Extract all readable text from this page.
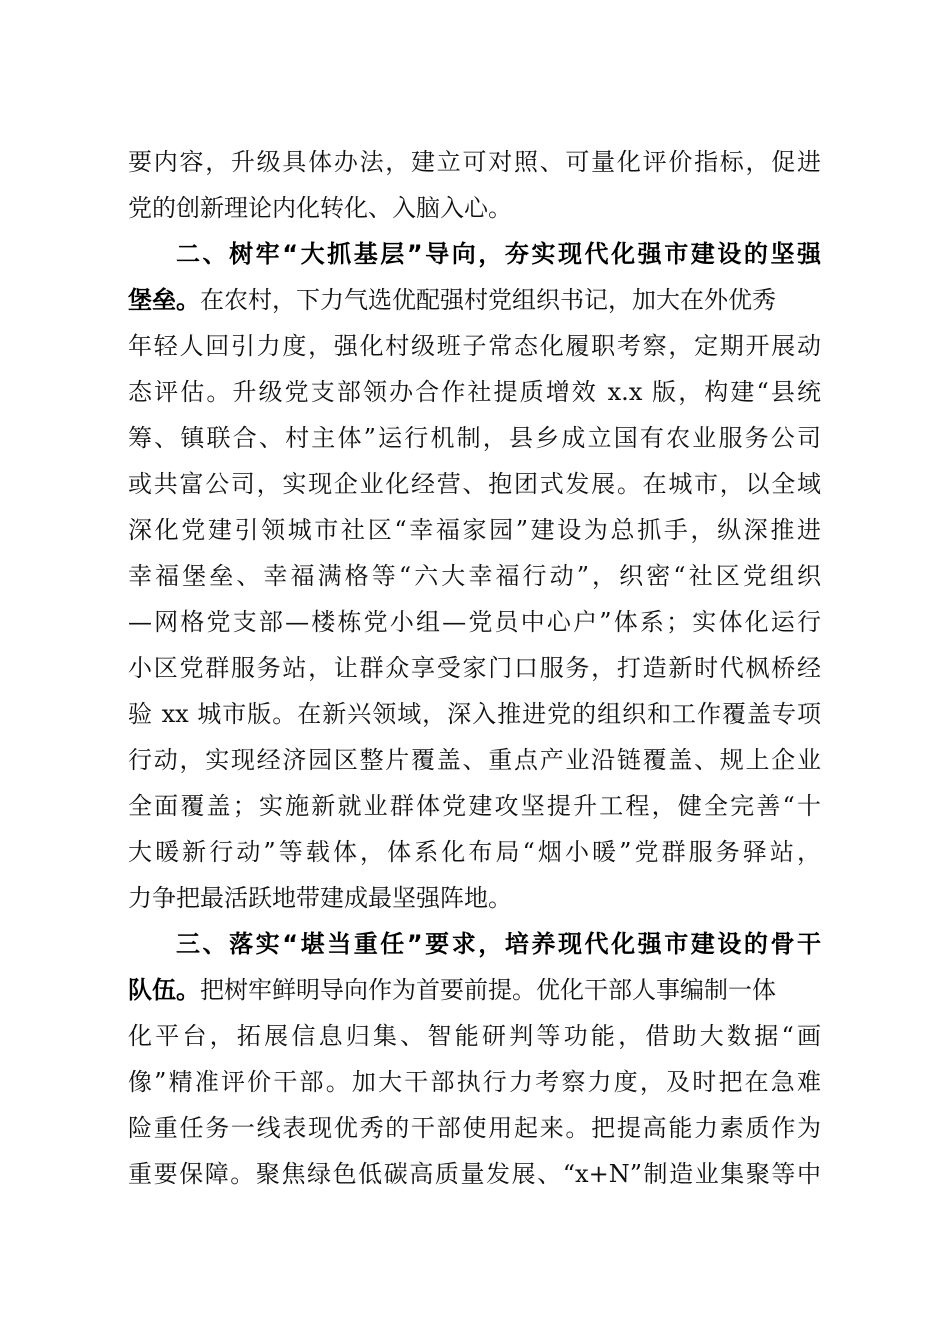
要内容，升级具体办法，建立可对照、可量化评价指标，促进

党的创新理论内化转化、入脑入心。

二、树牢“大抓基层”导向，夯实现代化强市建设的坚强

堡垒。在农村，下力气选优配强村党组织书记，加大在外优秀

年轻人回引力度，强化村级班子常态化履职考察，定期开展动

态评估。升级党支部领办合作社提质增效 x.x 版，构建“县统

筹、镇联合、村主体”运行机制，县乡成立国有农业服务公司

或共富公司，实现企业化经营、抱团式发展。在城市，以全域

深化党建引领城市社区“幸福家园”建设为总抓手，纵深推进

幸福堡垒、幸福满格等“六大幸福行动”，织密“社区党组织

—网格党支部—楼栋党小组—党员中心户”体系；实体化运行

小区党群服务站，让群众享受家门口服务，打造新时代枫桥经

验 xx 城市版。在新兴领域，深入推进党的组织和工作覆盖专项

行动，实现经济园区整片覆盖、重点产业沿链覆盖、规上企业

全面覆盖；实施新就业群体党建攻坚提升工程，健全完善“十

大暖新行动”等载体，体系化布局“烟小暖”党群服务驿站，

力争把最活跃地带建成最坚强阵地。

三、落实“堪当重任”要求，培养现代化强市建设的骨干

队伍。把树牢鲜明导向作为首要前提。优化干部人事编制一体

化平台，拓展信息归集、智能研判等功能，借助大数据“画

像”精准评价干部。加大干部执行力考察力度，及时把在急难

险重任务一线表现优秀的干部使用起来。把提高能力素质作为

重要保障。聚焦绿色低碳高质量发展、“x+N”制造业集聚等中
